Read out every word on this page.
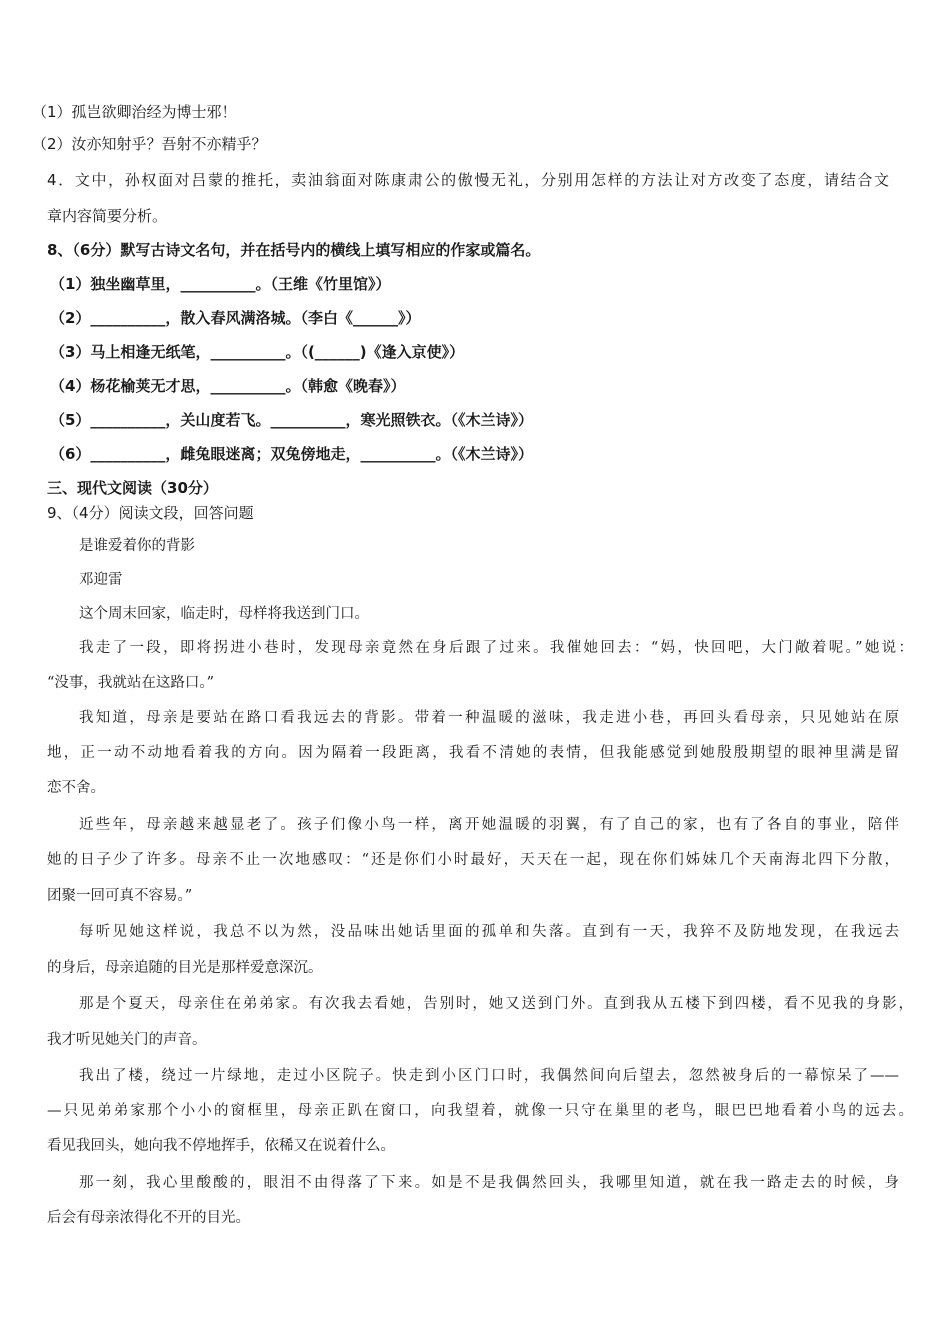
（1）孤岂欲卿治经为博士邪！
（2）汝亦知射乎？吾射不亦精乎？
4．文中，孙权面对吕蒙的推托，卖油翁面对陈康肃公的傲慢无礼，分别用怎样的方法让对方改变了态度，请结合文
章内容简要分析。
8、（6分）默写古诗文名句，并在括号内的横线上填写相应的作家或篇名。
（1）独坐幽草里，__________。（王维《竹里馆》）
（2）__________，散入春风满洛城。（李白《______》）
（3）马上相逢无纸笔，__________。（(______)《逢入京使》）
（4）杨花榆荚无才思，__________。（韩愈《晚春》）
（5）__________，关山度若飞。__________，寒光照铁衣。（《木兰诗》）
（6）__________，雌兔眼迷离；双兔傍地走，__________。（《木兰诗》）
三、现代文阅读（30分）
9、（4分）阅读文段，回答问题
是谁爱着你的背影
邓迎雷
这个周末回家，临走时，母样将我送到门口。
我走了一段，即将拐进小巷时，发现母亲竟然在身后跟了过来。我催她回去：“妈，快回吧，大门敞着呢。”她说：
“没事，我就站在这路口。”
我知道，母亲是要站在路口看我远去的背影。带着一种温暖的滋味，我走进小巷，再回头看母亲，只见她站在原
地，正一动不动地看着我的方向。因为隔着一段距离，我看不清她的表情，但我能感觉到她殷殷期望的眼神里满是留
恋不舍。
近些年，母亲越来越显老了。孩子们像小鸟一样，离开她温暖的羽翼，有了自己的家，也有了各自的事业，陪伴
她的日子少了许多。母亲不止一次地感叹：“还是你们小时最好，天天在一起，现在你们姊妹几个天南海北四下分散，
团聚一回可真不容易。”
每听见她这样说，我总不以为然，没品味出她话里面的孤单和失落。直到有一天，我猝不及防地发现，在我远去
的身后，母亲追随的目光是那样爱意深沉。
那是个夏天，母亲住在弟弟家。有次我去看她，告别时，她又送到门外。直到我从五楼下到四楼，看不见我的身影，
我才听见她关门的声音。
我出了楼，绕过一片绿地，走过小区院子。快走到小区门口时，我偶然间向后望去，忽然被身后的一幕惊呆了——
—只见弟弟家那个小小的窗框里，母亲正趴在窗口，向我望着，就像一只守在巢里的老鸟，眼巴巴地看着小鸟的远去。
看见我回头，她向我不停地挥手，依稀又在说着什么。
那一刻，我心里酸酸的，眼泪不由得落了下来。如是不是我偶然回头，我哪里知道，就在我一路走去的时候，身
后会有母亲浓得化不开的目光。
